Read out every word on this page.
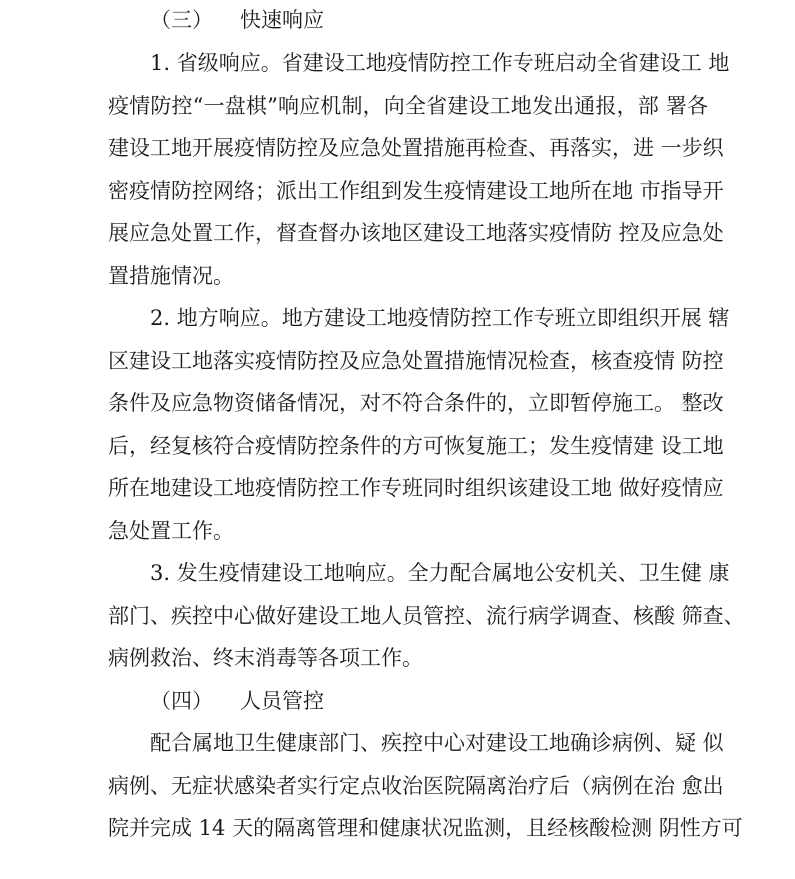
（三） 快速响应
1. 省级响应。省建设工地疫情防控工作专班启动全省建设工 地
疫情防控“一盘棋”响应机制，向全省建设工地发出通报，部 署各
建设工地开展疫情防控及应急处置措施再检查、再落实，进 一步织
密疫情防控网络；派出工作组到发生疫情建设工地所在地 市指导开
展应急处置工作，督查督办该地区建设工地落实疫情防 控及应急处
置措施情况。
2. 地方响应。地方建设工地疫情防控工作专班立即组织开展 辖
区建设工地落实疫情防控及应急处置措施情况检查，核查疫情 防控
条件及应急物资储备情况，对不符合条件的，立即暂停施工。 整改
后，经复核符合疫情防控条件的方可恢复施工；发生疫情建 设工地
所在地建设工地疫情防控工作专班同时组织该建设工地 做好疫情应
急处置工作。
3. 发生疫情建设工地响应。全力配合属地公安机关、卫生健 康
部门、疾控中心做好建设工地人员管控、流行病学调查、核酸 筛查、
病例救治、终末消毒等各项工作。
（四） 人员管控
配合属地卫生健康部门、疾控中心对建设工地确诊病例、疑 似
病例、无症状感染者实行定点收治医院隔离治疗后（病例在治 愈出
院并完成 14 天的隔离管理和健康状况监测，且经核酸检测 阴性方可
